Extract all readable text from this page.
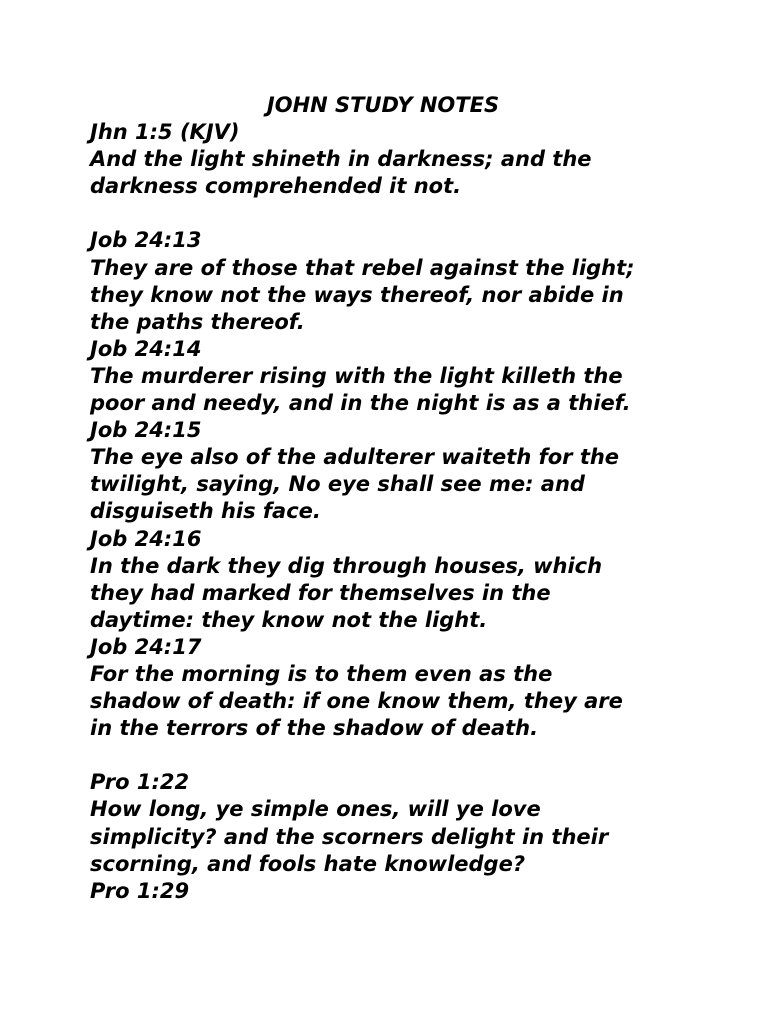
JOHN STUDY NOTES
Jhn 1:5 (KJV)
And the light shineth in darkness; and the
darkness comprehended it not.
Job 24:13
They are of those that rebel against the light;
they know not the ways thereof, nor abide in
the paths thereof.
Job 24:14
The murderer rising with the light killeth the
poor and needy, and in the night is as a thief.
Job 24:15
The eye also of the adulterer waiteth for the
twilight, saying, No eye shall see me: and
disguiseth his face.
Job 24:16
In the dark they dig through houses, which
they had marked for themselves in the
daytime: they know not the light.
Job 24:17
For the morning is to them even as the
shadow of death: if one know them, they are
in the terrors of the shadow of death.
Pro 1:22
How long, ye simple ones, will ye love
simplicity? and the scorners delight in their
scorning, and fools hate knowledge?
Pro 1:29
